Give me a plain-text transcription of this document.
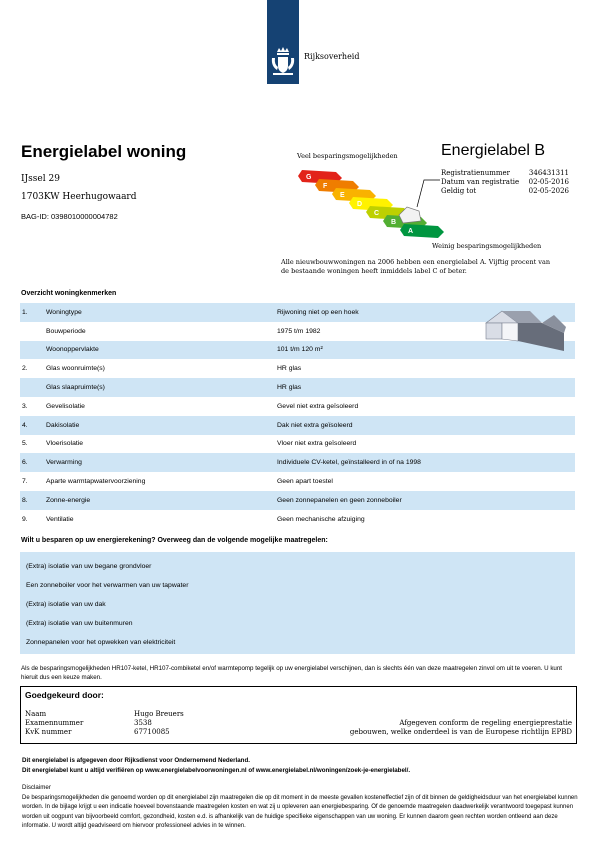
Rijksoverheid
Energielabel woning
IJssel 29
1703KW Heerhugowaard
BAG-ID: 0398010000004782
Energielabel B
Registratienummer	346431311
Datum van registratie 02-05-2016
Geldig tot	02-05-2026
Veel besparingsmogelijkheden
G
F
E
D
C
B
A
Weinig besparingsmogelijkheden
Alle nieuwbouwwoningen na 2006 hebben een energielabel A. Vijftig procent van de bestaande woningen heeft inmiddels label C of beter.
Overzicht woningkenmerken
1.	Woningtype	Rijwoning niet op een hoek
Bouwperiode	1975 t/m 1982
Woonoppervlakte	101 t/m 120 m²
2.	Glas woonruimte(s)	HR glas
Glas slaapruimte(s)	HR glas
3.	Gevelisolatie	Gevel niet extra geïsoleerd
4.	Dakisolatie	Dak niet extra geïsoleerd
5.	Vloerisolatie	Vloer niet extra geïsoleerd
6.	Verwarming	Individuele CV-ketel, geïnstalleerd in of na 1998
7.	Aparte warmtapwatervoorziening	Geen apart toestel
8.	Zonne-energie	Geen zonnepanelen en geen zonneboiler
9.	Ventilatie	Geen mechanische afzuiging
Wilt u besparen op uw energierekening? Overweeg dan de volgende mogelijke maatregelen:
(Extra) isolatie van uw begane grondvloer
Een zonneboiler voor het verwarmen van uw tapwater
(Extra) isolatie van uw dak
(Extra) isolatie van uw buitenmuren
Zonnepanelen voor het opwekken van elektriciteit
Als de besparingsmogelijkheden HR107-ketel, HR107-combiketel en/of warmtepomp tegelijk op uw energielabel verschijnen, dan is slechts één van deze maatregelen zinvol om uit te voeren. U kunt hieruit dus een keuze maken.
Goedgekeurd door:
Naam	Hugo Breuers
Examennummer	3538
KvK nummer	67710085
Afgegeven conform de regeling energieprestatie
gebouwen, welke onderdeel is van de Europese richtlijn EPBD
Dit energielabel is afgegeven door Rijksdienst voor Ondernemend Nederland.
Dit energielabel kunt u altijd verifiëren op www.energielabelvoorwoningen.nl of www.energielabel.nl/woningen/zoek-je-energielabel/.
Disclaimer
De besparingsmogelijkheden die genoemd worden op dit energielabel zijn maatregelen die op dit moment in de meeste gevallen kosteneffectief zijn of dit binnen de geldigheidsduur van het energielabel kunnen worden. In de bijlage krijgt u een indicatie hoeveel bovenstaande maatregelen kosten en wat zij u opleveren aan energiebesparing. Of de genoemde maatregelen daadwerkelijk verantwoord toegepast kunnen worden uit oogpunt van bijvoorbeeld comfort, gezondheid, kosten e.d. is afhankelijk van de huidige specifieke eigenschappen van uw woning. Er kunnen daarom geen rechten worden ontleend aan deze informatie. U wordt altijd geadviseerd om hiervoor professioneel advies in te winnen.
